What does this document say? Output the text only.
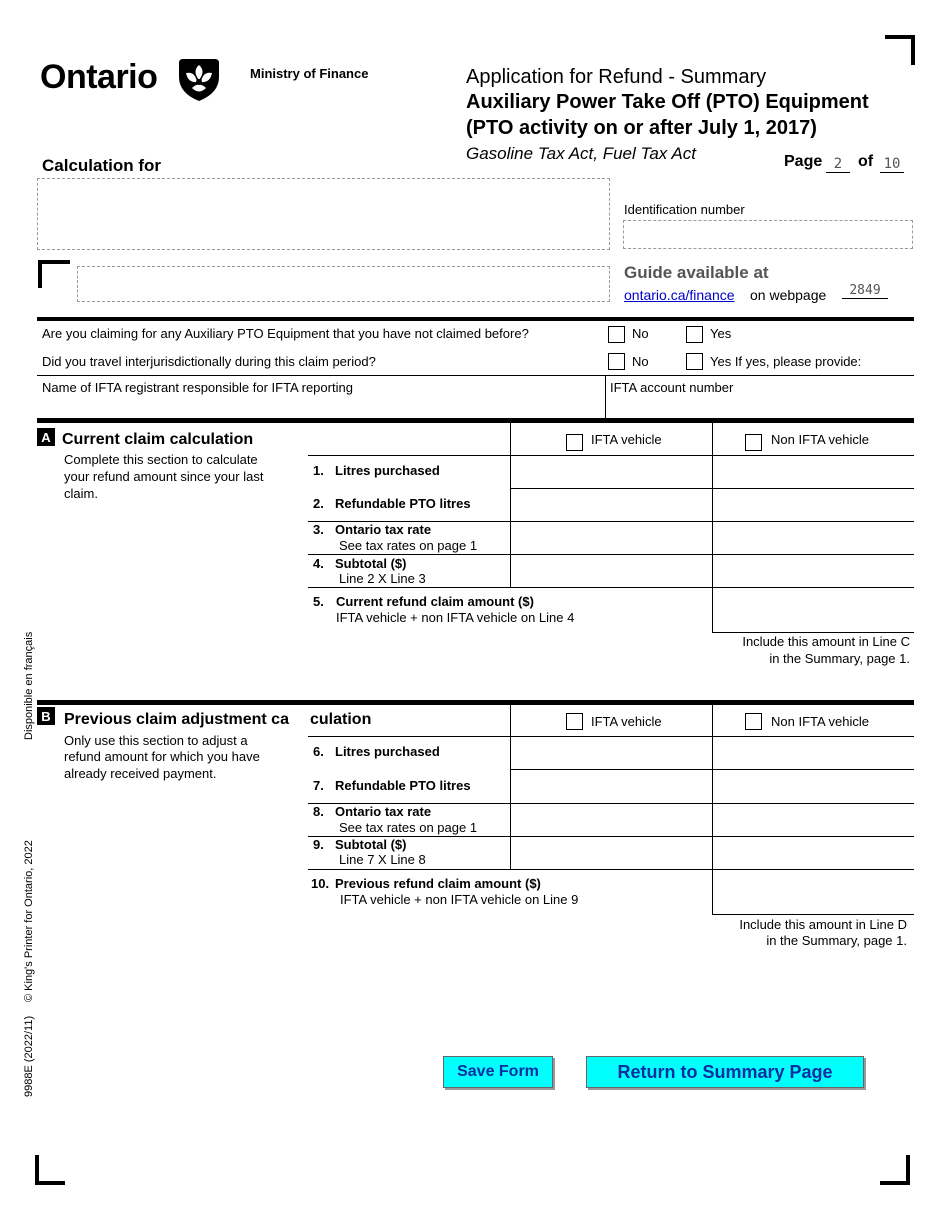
Ontario	Ministry of Finance	Application for Refund - Summary
Auxiliary Power Take Off (PTO) Equipment
(PTO activity on or after July 1, 2017)
Gasoline Tax Act, Fuel Tax Act	Page 2 of 10
Calculation for
Identification number
Guide available at
ontario.ca/finance on webpage	2849
Are you claiming for any Auxiliary PTO Equipment that you have not claimed before?	No	Yes
Did you travel interjurisdictionally during this claim period?	No	Yes If yes, please provide:
Name of IFTA registrant responsible for IFTA reporting	IFTA account number
A Current claim calculation
Complete this section to calculate
your refund amount since your last
claim.
IFTA vehicle	Non IFTA vehicle
1. Litres purchased
2. Refundable PTO litres
3. Ontario tax rate
See tax rates on page 1
4. Subtotal ($)
Line 2 X Line 3
5. Current refund claim amount ($)
IFTA vehicle + non IFTA vehicle on Line 4
Include this amount in Line C
in the Summary, page 1.
B Previous claim adjustment ca culation
Only use this section to adjust a
refund amount for which you have
already received payment.
IFTA vehicle	Non IFTA vehicle
6. Litres purchased
7. Refundable PTO litres
8. Ontario tax rate
See tax rates on page 1
9. Subtotal ($)
Line 7 X Line 8
10. Previous refund claim amount ($)
IFTA vehicle + non IFTA vehicle on Line 9
Include this amount in Line D
in the Summary, page 1.
Save Form	Return to Summary Page
Disponible en français
© King's Printer for Ontario, 2022
9988E (2022/11)
